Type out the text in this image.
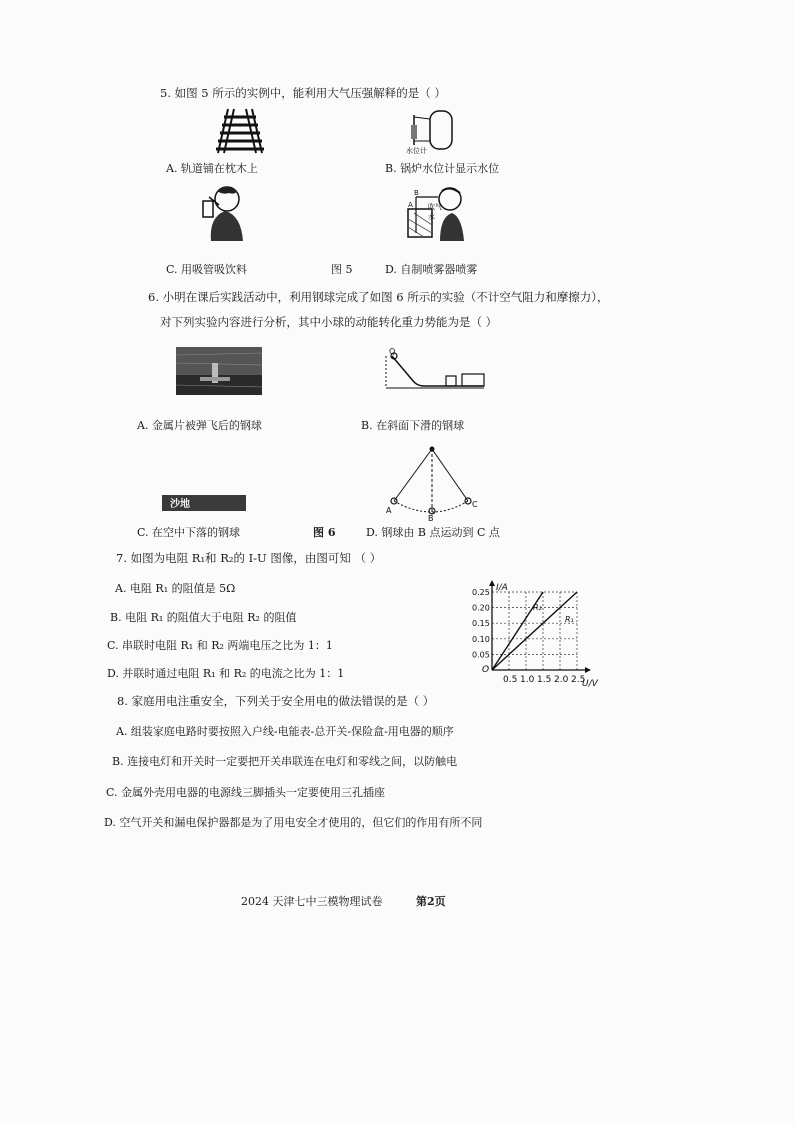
5. 如图 5 所示的实例中，能利用大气压强解释的是（ ）
水位计
A. 轨道铺在枕木上	B. 锅炉水位计显示水位
B
A 吹气
水
C. 用吸管吸饮料	图 5	D. 自制喷雾器喷雾
6. 小明在课后实践活动中，利用钢球完成了如图 6 所示的实验（不计空气阻力和摩擦力），
对下列实验内容进行分析，其中小球的动能转化重力势能为是（ ）
Q
A. 金属片被弹飞后的钢球	B. 在斜面下滑的钢球
A
B
C
沙地
C. 在空中下落的钢球	图 6	D. 钢球由 B 点运动到 C 点
7. 如图为电阻 R₁和 R₂的 I-U 图像，由图可知 （ ）
A. 电阻 R₁ 的阻值是 5Ω
B. 电阻 R₁ 的阻值大于电阻 R₂ 的阻值
C. 串联时电阻 R₁ 和 R₂ 两端电压之比为 1：1
D. 并联时通过电阻 R₁ 和 R₂ 的电流之比为 1：1
I/A
U/V
O
0.5 1.0 1.5 2.0 2.5
0.25
0.20
0.15
0.10
0.05
R₂
R₁
8. 家庭用电注重安全，下列关于安全用电的做法错误的是（ ）
A. 组装家庭电路时要按照入户线-电能表-总开关-保险盒-用电器的顺序
B. 连接电灯和开关时一定要把开关串联连在电灯和零线之间，以防触电
C. 金属外壳用电器的电源线三脚插头一定要使用三孔插座
D. 空气开关和漏电保护器都是为了用电安全才使用的，但它们的作用有所不同
2024 天津七中三模物理试卷	第2页
